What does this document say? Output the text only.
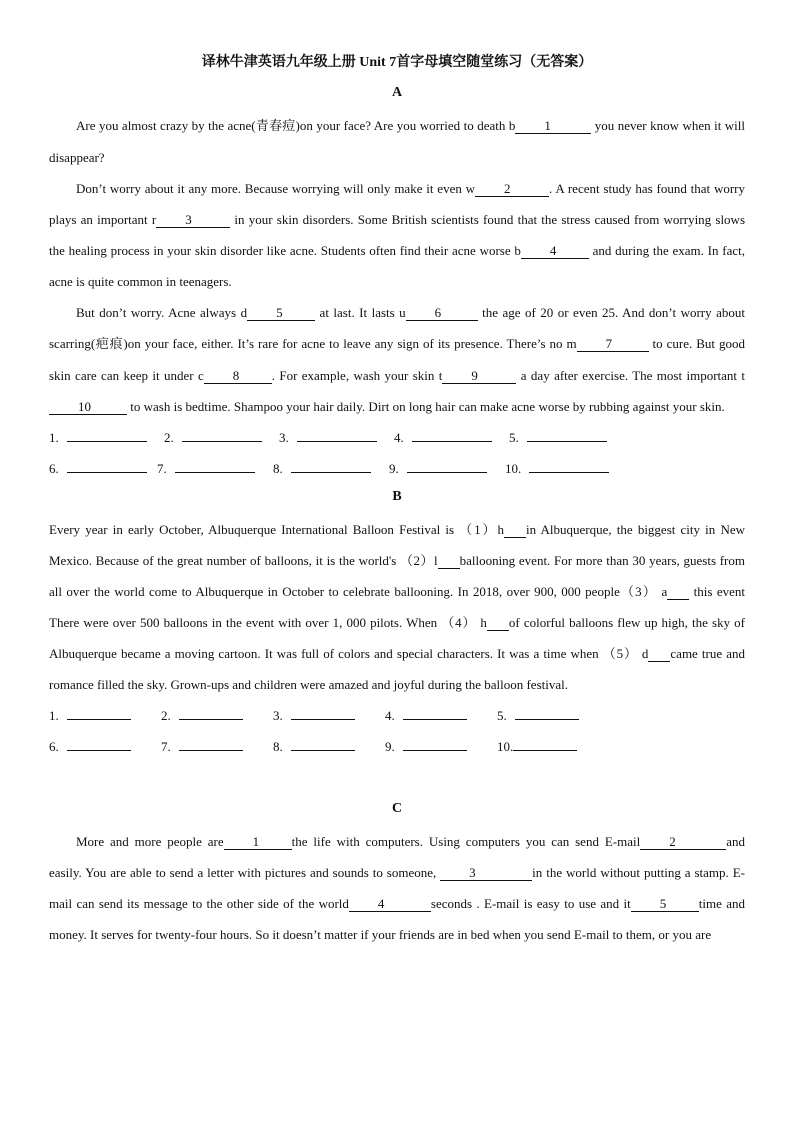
译林牛津英语九年级上册 Unit 7首字母填空随堂练习（无答案）
A

Are you almost crazy by the acne(青春痘)on your face? Are you worried to death b 1	you never know when it will disappear?

Don’t worry about it any more. Because worrying will only make it even w 2	. A recent study has found that worry plays an important r 3	in your skin disorders. Some British scientists found that the stress caused from worrying slows the healing process in your skin disorder like acne. Students often find their acne worse b 4	and during the exam. In fact, acne is quite common in teenagers.

But don’t worry. Acne always d 5	at last. It lasts u 6	the age of 20 or even 25. And don’t worry about scarring(疤痕)on your face, either. It’s rare for acne to leave any sign of its presence. There’s no m 7	to cure. But good skin care can keep it under c 8	. For example, wash your skin t 9	a day after exercise. The most important t10	to wash is bedtime. Shampoo your hair daily. Dirt on long hair can make acne worse by rubbing against your skin.

1.	2.	3.	4.	5.
6.	7.	8.	9.	10.
B

Every year in early October, Albuquerque International Balloon Festival is （1）h in Albuquerque, the biggest city in New Mexico. Because of the great number of balloons, it is the world's （2）l ballooning event. For more than 30 years, guests from all over the world come to Albuquerque in October to celebrate ballooning. In 2018, over 900, 000 people（3） a  this event There were over 500 balloons in the event with over 1, 000 pilots. When （4） h of colorful balloons flew up high, the sky of Albuquerque became a moving cartoon. It was full of colors and special characters. It was a time when （5） d came true and romance filled the sky. Grown-ups and children were amazed and joyful during the balloon festival.

1.	2.	3.	4.	5.
6.	7.	8.	9.	10.
C

More and more people are 1	the life with computers. Using computers you can send E-mail 2	and easily. You are able to send a letter with pictures and sounds to someone, 3	in the world without putting a stamp. E-mail can send its message to the other side of the world 4	seconds . E-mail is easy to use and it 5	time and money. It serves for twenty-four hours. So it doesn’t matter if your friends are in bed when you send E-mail to them, or you are
